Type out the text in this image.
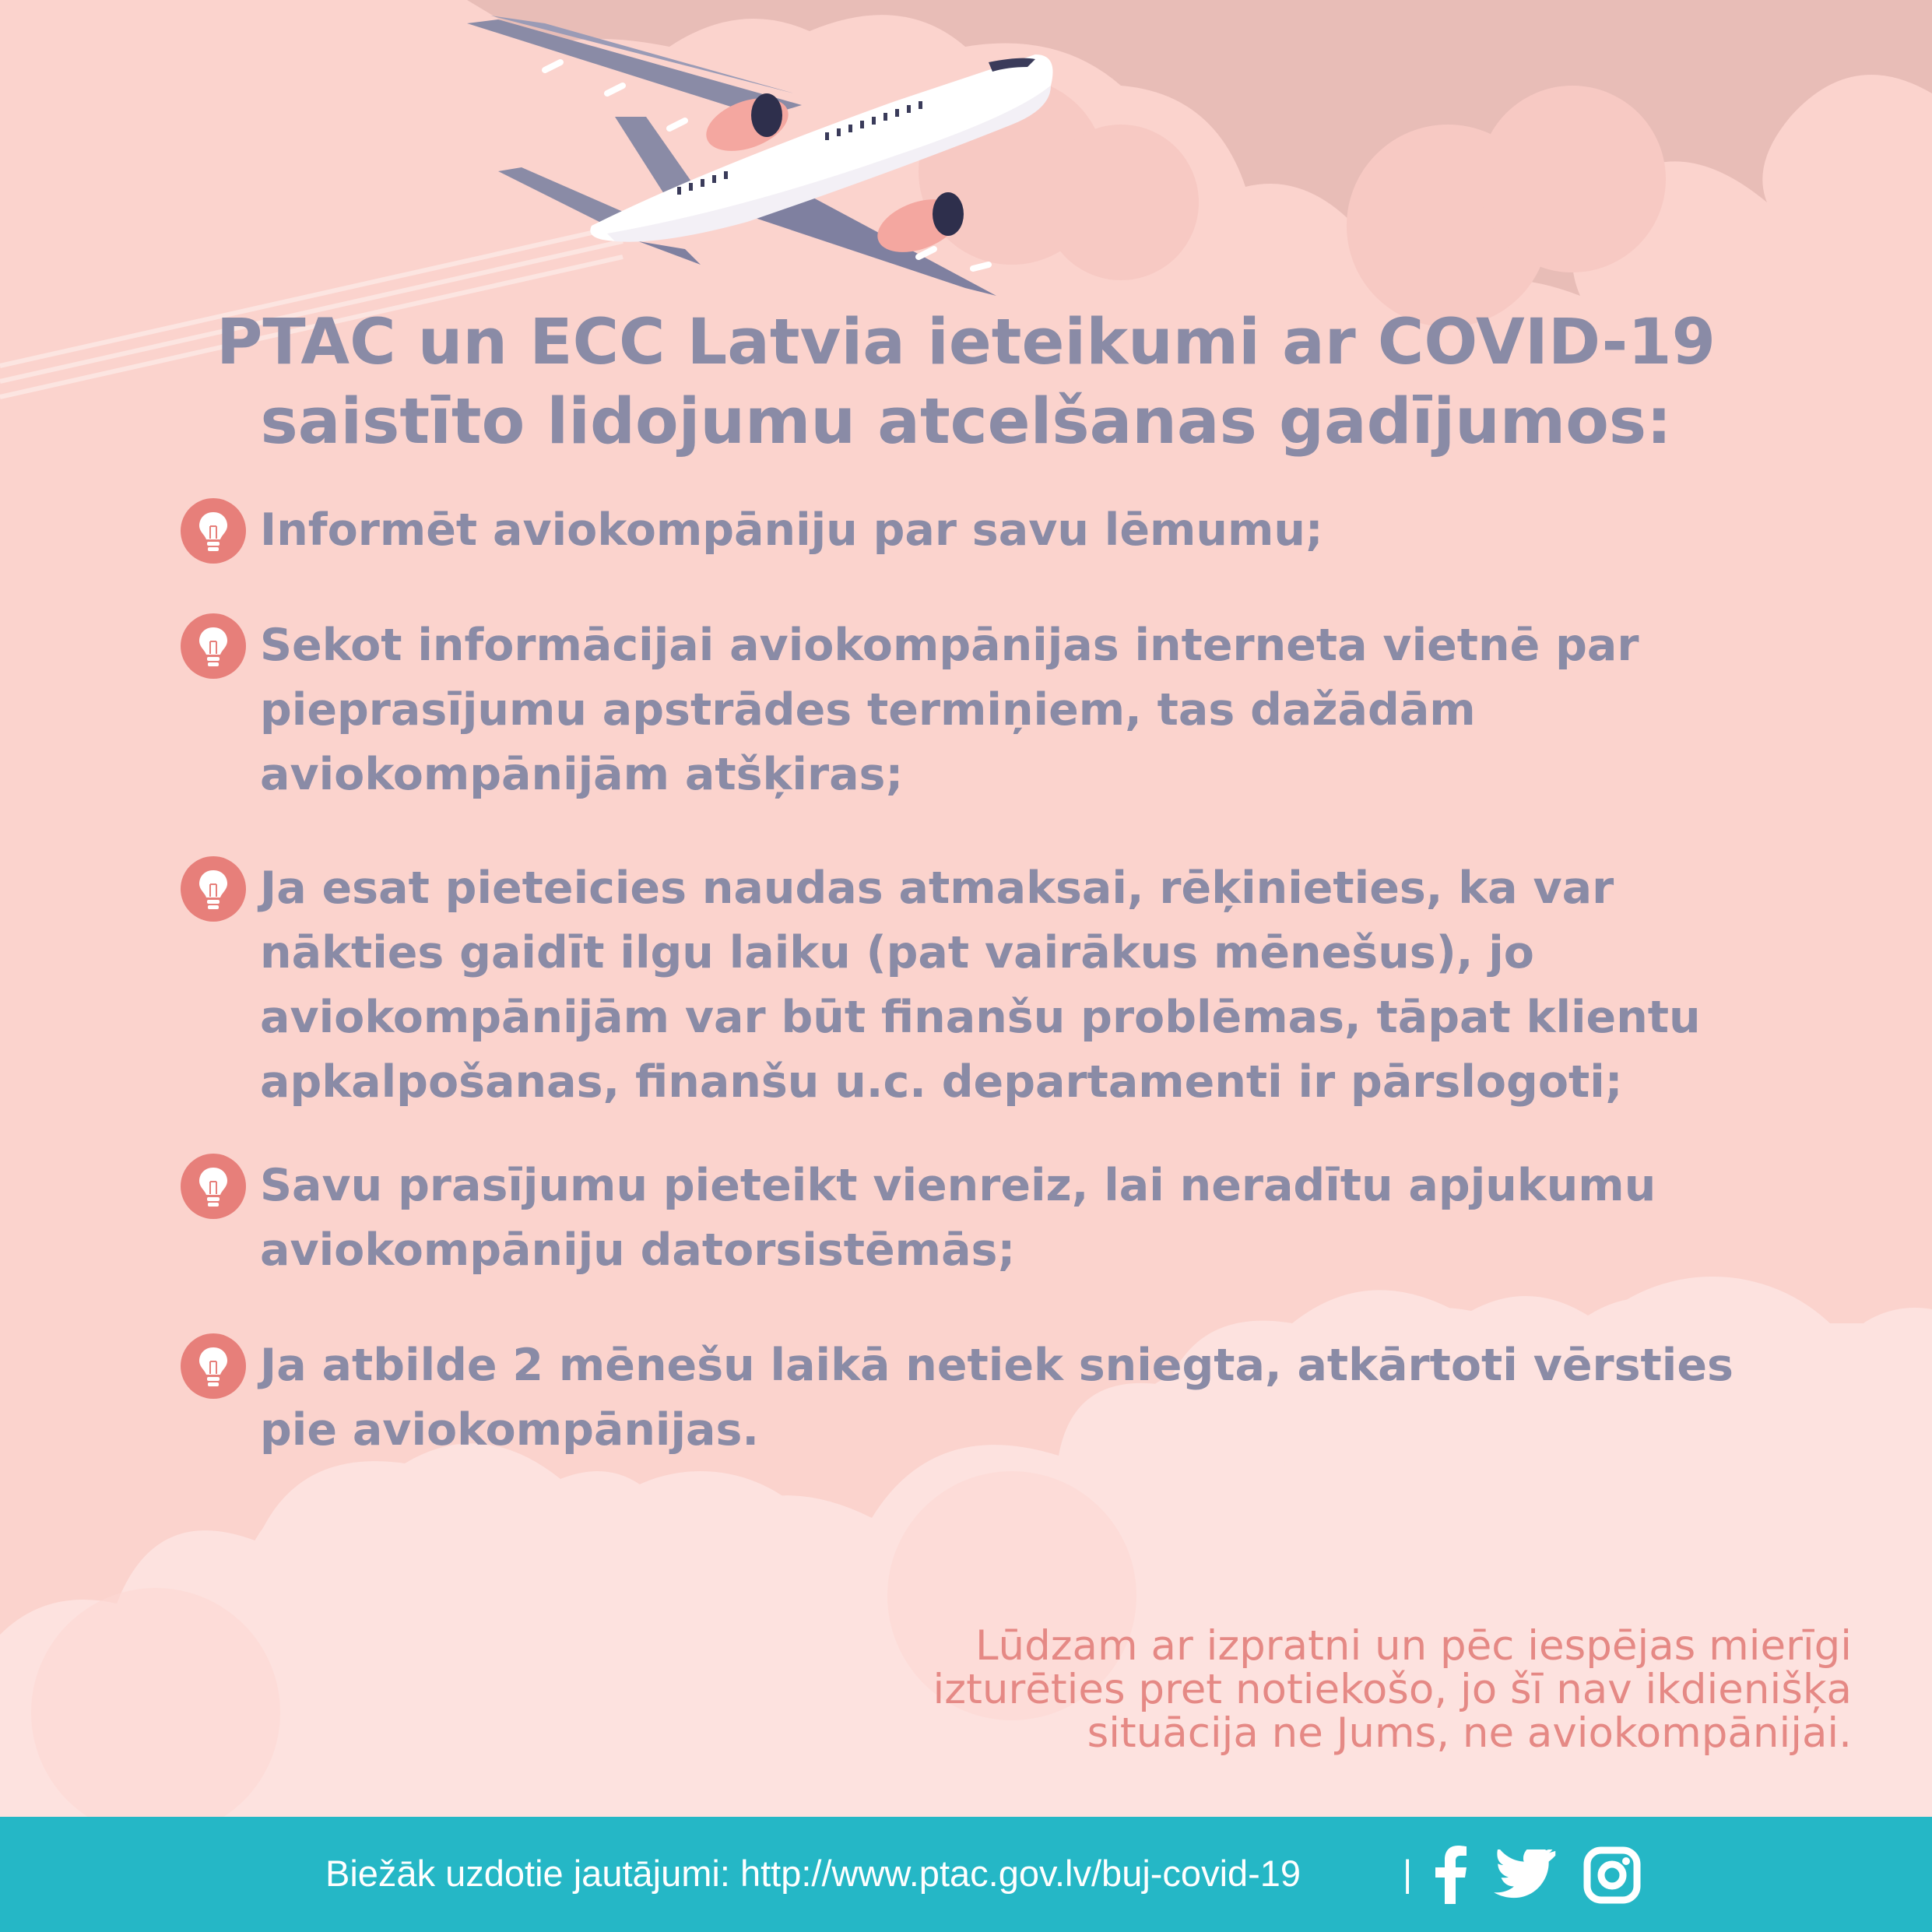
PTAC un ECC Latvia ieteikumi ar COVID-19
saistīto lidojumu atcelšanas gadījumos:

Informēt aviokompāniju par savu lēmumu;

Sekot informācijai aviokompānijas interneta vietnē par
pieprasījumu apstrādes termiņiem, tas dažādām
aviokompānijām atšķiras;

Ja esat pieteicies naudas atmaksai, rēķinieties, ka var
nākties gaidīt ilgu laiku (pat vairākus mēnešus), jo
aviokompānijām var būt finanšu problēmas, tāpat klientu
apkalpošanas, finanšu u.c. departamenti ir pārslogoti;

Savu prasījumu pieteikt vienreiz, lai neradītu apjukumu
aviokompāniju datorsistēmās;

Ja atbilde 2 mēnešu laikā netiek sniegta, atkārtoti vērsties
pie aviokompānijas.

Lūdzam ar izpratni un pēc iespējas mierīgi
izturēties pret notiekošo, jo šī nav ikdienišķa
situācija ne Jums, ne aviokompānijai.

Biežāk uzdotie jautājumi: http://www.ptac.gov.lv/buj-covid-19	|
